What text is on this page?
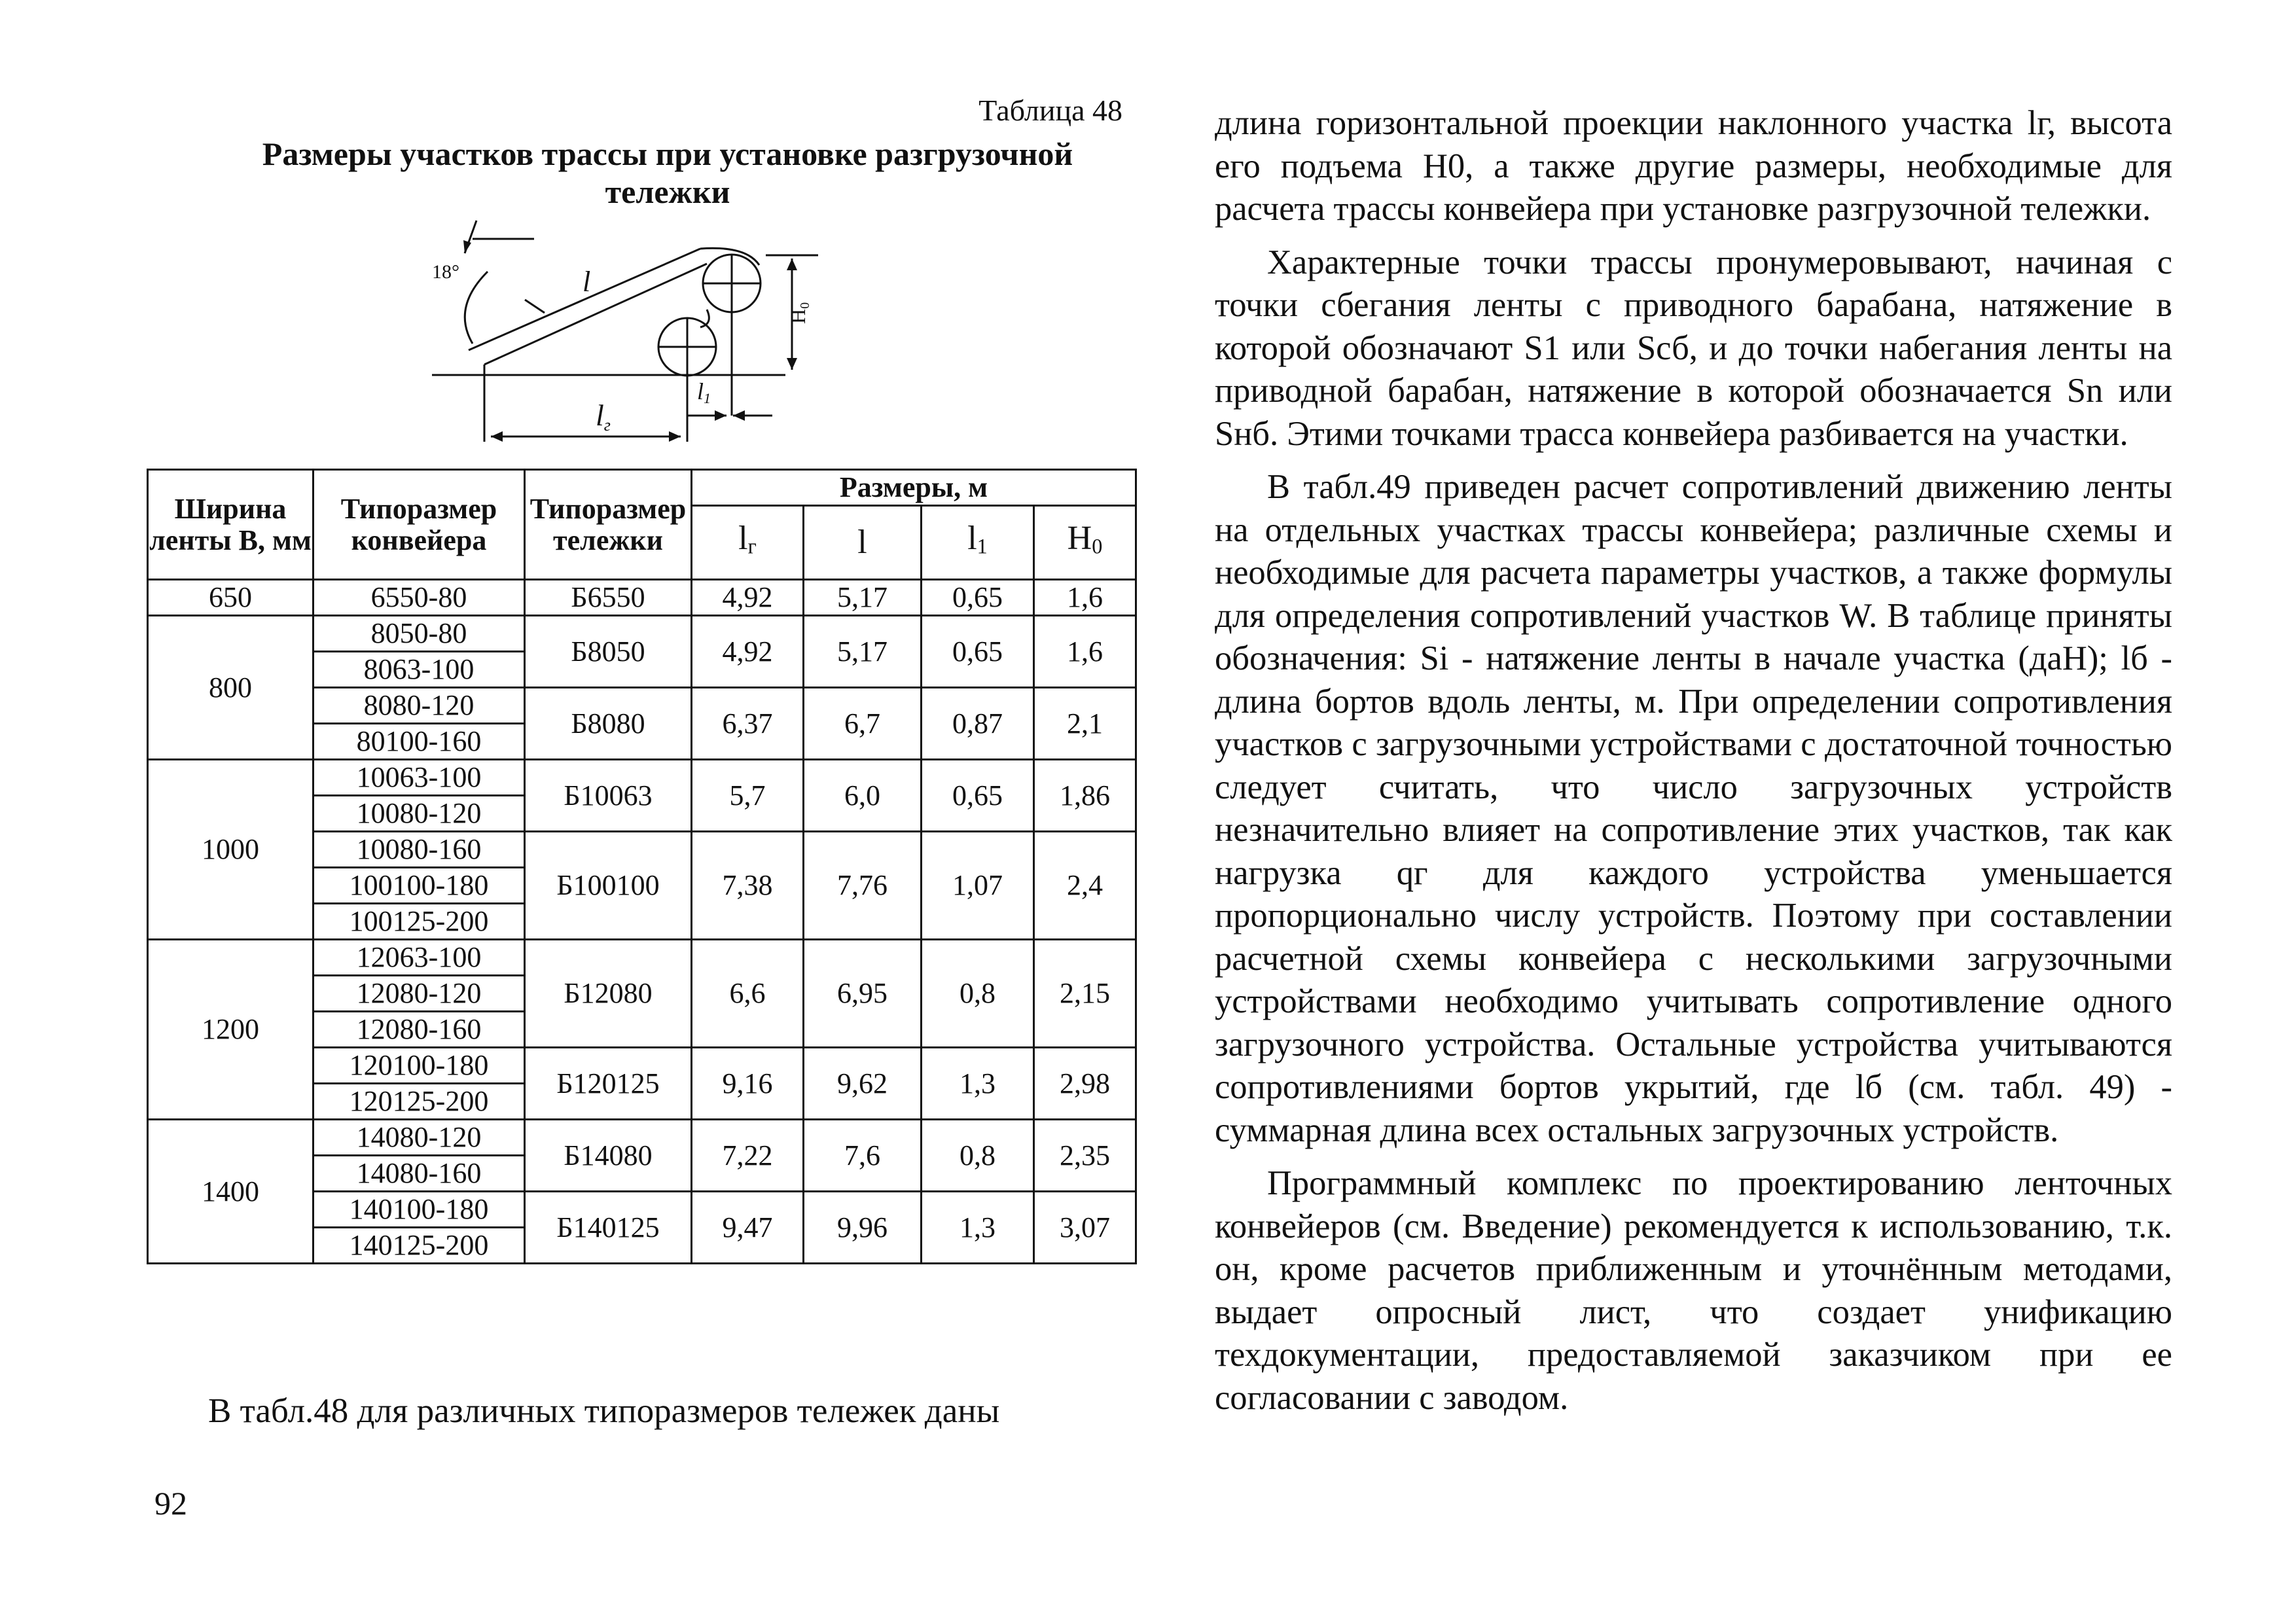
Таблица 48
Размеры участков трассы при установке разгрузочной тележки
18°	l
lг
l1
H0
Ширина ленты B, мм	Типоразмер конвейера	Типоразмер тележки	Размеры, м			
			$l_г$	l	$l_1$	$H_0$
650	6550-80	Б6550	4,92	5,17	0,65	1,6
800	8050-80	Б8050	4,92	5,17	0,65	1,6
	8063-100					
	8080-120	Б8080	6,37	6,7	0,87	2,1
	80100-160					
1000	10063-100	Б10063	5,7	6,0	0,65	1,86
	10080-120					
	10080-160	Б100100	7,38	7,76	1,07	2,4
	100100-180					
	100125-200					
1200	12063-100	Б12080	6,6	6,95	0,8	2,15
	12080-120					
	12080-160					
	120100-180	Б120125	9,16	9,62	1,3	2,98
	120125-200					
1400	14080-120	Б14080	7,22	7,6	0,8	2,35
	14080-160					
	140100-180	Б140125	9,47	9,96	1,3	3,07
	140125-200					
В табл.48 для различных типоразмеров тележек даны
92

длина горизонтальной проекции наклонного участка lг, высота его подъема H0, а также другие размеры, необходимые для расчета трассы конвейера при установке разгрузочной тележки.

Характерные точки трассы пронумеровывают, начиная с точки сбегания ленты с приводного барабана, натяжение в которой обозначают S1 или Sсб, и до точки набегания ленты на приводной барабан, натяжение в которой обозначается Sn или Sнб. Этими точками трасса конвейера разбивается на участки.

В табл.49 приведен расчет сопротивлений движению ленты на отдельных участках трассы конвейера; различные схемы и необходимые для расчета параметры участков, а также формулы для определения сопротивлений участков W. В таблице приняты обозначения: Si - натяжение ленты в начале участка (даН); lб - длина бортов вдоль ленты, м. При определении сопротивления участков с загрузочными устройствами с достаточной точностью следует считать, что число загрузочных устройств незначительно влияет на сопротивление этих участков, так как нагрузка qг для каждого устройства уменьшается пропорционально числу устройств. Поэтому при составлении расчетной схемы конвейера с несколькими загрузочными устройствами необходимо учитывать сопротивление одного загрузочного устройства. Остальные устройства учитываются сопротивлениями бортов укрытий, где lб (см. табл. 49) - суммарная длина всех остальных загрузочных устройств.

Программный комплекс по проектированию ленточных конвейеров (см. Введение) рекомендуется к использованию, т.к. он, кроме расчетов приближенным и уточнённым методами, выдает опросный лист, что создает унификацию техдокументации, предоставляемой заказчиком при ее согласовании с заводом.
